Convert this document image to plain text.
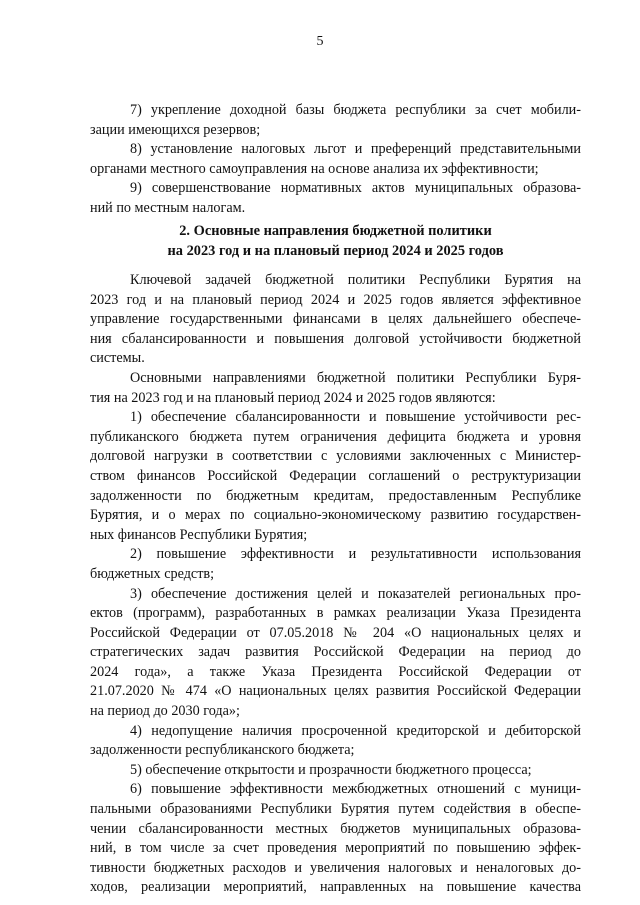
5
7) укрепление доходной базы бюджета республики за счет мобили-
зации имеющихся резервов;
8) установление налоговых льгот и преференций представительными
органами местного самоуправления на основе анализа их эффективности;
9) совершенствование нормативных актов муниципальных образова-
ний по местным налогам.
2. Основные направления бюджетной политики
на 2023 год и на плановый период 2024 и 2025 годов
Ключевой задачей бюджетной политики Республики Бурятия на
2023 год и на плановый период 2024 и 2025 годов является эффективное
управление государственными финансами в целях дальнейшего обеспече-
ния сбалансированности и повышения долговой устойчивости бюджетной
системы.
Основными направлениями бюджетной политики Республики Буря-
тия на 2023 год и на плановый период 2024 и 2025 годов являются:
1) обеспечение сбалансированности и повышение устойчивости рес-
публиканского бюджета путем ограничения дефицита бюджета и уровня
долговой нагрузки в соответствии с условиями заключенных с Министер-
ством финансов Российской Федерации соглашений о реструктуризации
задолженности по бюджетным кредитам, предоставленным Республике
Бурятия, и о мерах по социально-экономическому развитию государствен-
ных финансов Республики Бурятия;
2) повышение эффективности и результативности использования
бюджетных средств;
3) обеспечение достижения целей и показателей региональных про-
ектов (программ), разработанных в рамках реализации Указа Президента
Российской Федерации от 07.05.2018 № 204 «О национальных целях и
стратегических задач развития Российской Федерации на период до
2024 года», а также Указа Президента Российской Федерации от
21.07.2020 № 474 «О национальных целях развития Российской Федерации
на период до 2030 года»;
4) недопущение наличия просроченной кредиторской и дебиторской
задолженности республиканского бюджета;
5) обеспечение открытости и прозрачности бюджетного процесса;
6) повышение эффективности межбюджетных отношений с муници-
пальными образованиями Республики Бурятия путем содействия в обеспе-
чении сбалансированности местных бюджетов муниципальных образова-
ний, в том числе за счет проведения мероприятий по повышению эффек-
тивности бюджетных расходов и увеличения налоговых и неналоговых до-
ходов, реализации мероприятий, направленных на повышение качества
